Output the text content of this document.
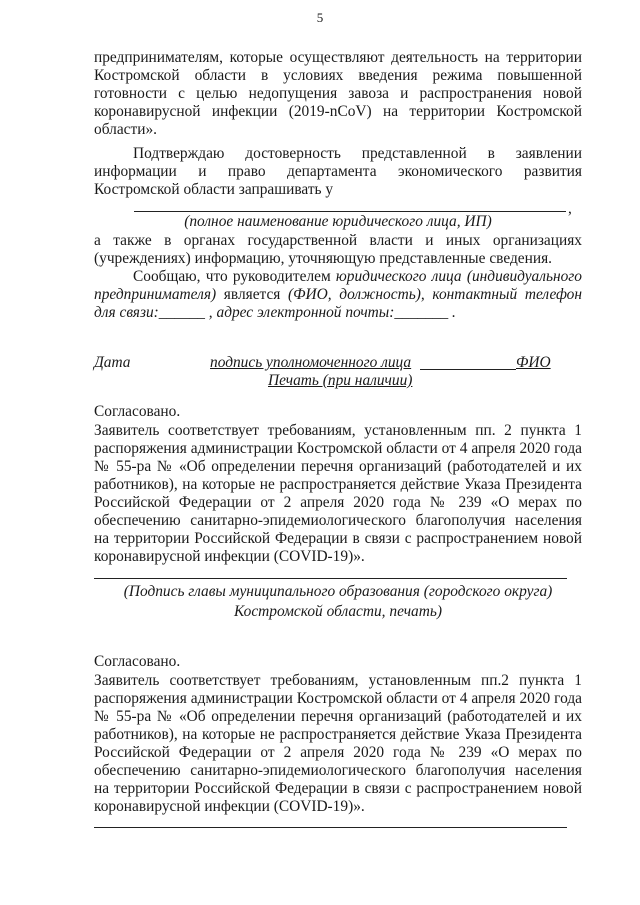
5
предпринимателям, которые осуществляют деятельность на территории Костромской области в условиях введения режима повышенной готовности с целью недопущения завоза и распространения новой коронавирусной инфекции (2019-nCoV) на территории Костромской области».
Подтверждаю достоверность представленной в заявлении информации и право департамента экономического развития Костромской области запрашивать у
,
(полное наименование юридического лица, ИП)
а также в органах государственной власти и иных организациях (учреждениях) информацию, уточняющую представленные сведения.
Сообщаю, что руководителем юридического лица (индивидуального предпринимателя) является (ФИО, должность), контактный телефон для связи:______ , адрес электронной почты:_______ .
Дата	подпись уполномоченного лица	ФИО
Печать (при наличии)
Согласовано.
Заявитель соответствует требованиям, установленным пп. 2 пункта 1 распоряжения администрации Костромской области от 4 апреля 2020 года № 55-ра № «Об определении перечня организаций (работодателей и их работников), на которые не распространяется действие Указа Президента Российской Федерации от 2 апреля 2020 года № 239 «О мерах по обеспечению санитарно-эпидемиологического благополучия населения на территории Российской Федерации в связи с распространением новой коронавирусной инфекции (COVID-19)».
(Подпись главы муниципального образования (городского округа)
Костромской области, печать)
Согласовано.
Заявитель соответствует требованиям, установленным пп.2 пункта 1 распоряжения администрации Костромской области от 4 апреля 2020 года № 55-ра № «Об определении перечня организаций (работодателей и их работников), на которые не распространяется действие Указа Президента Российской Федерации от 2 апреля 2020 года № 239 «О мерах по обеспечению санитарно-эпидемиологического благополучия населения на территории Российской Федерации в связи с распространением новой коронавирусной инфекции (COVID-19)».
